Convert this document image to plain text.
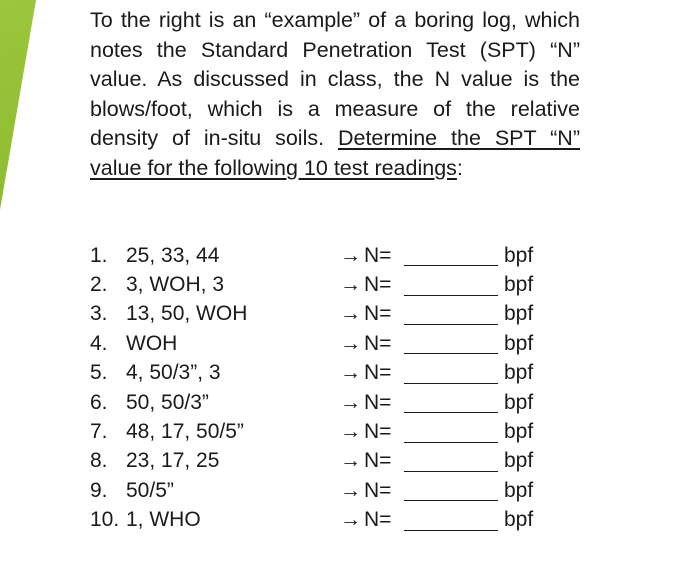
To the right is an “example” of a boring log, which notes the Standard Penetration Test (SPT) “N” value. As discussed in class, the N value is the blows/foot, which is a measure of the relative density of in-situ soils. Determine the SPT “N” value for the following 10 test readings:
1. 25, 33, 44	→ N=	bpf
2. 3, WOH, 3	→ N=	bpf
3. 13, 50, WOH	→ N=	bpf
4. WOH	→ N=	bpf
5. 4, 50/3”, 3	→ N=	bpf
6. 50, 50/3”	→ N=	bpf
7. 48, 17, 50/5”	→ N=	bpf
8. 23, 17, 25	→ N=	bpf
9. 50/5”	→ N=	bpf
10. 1, WHO	→ N=	bpf
